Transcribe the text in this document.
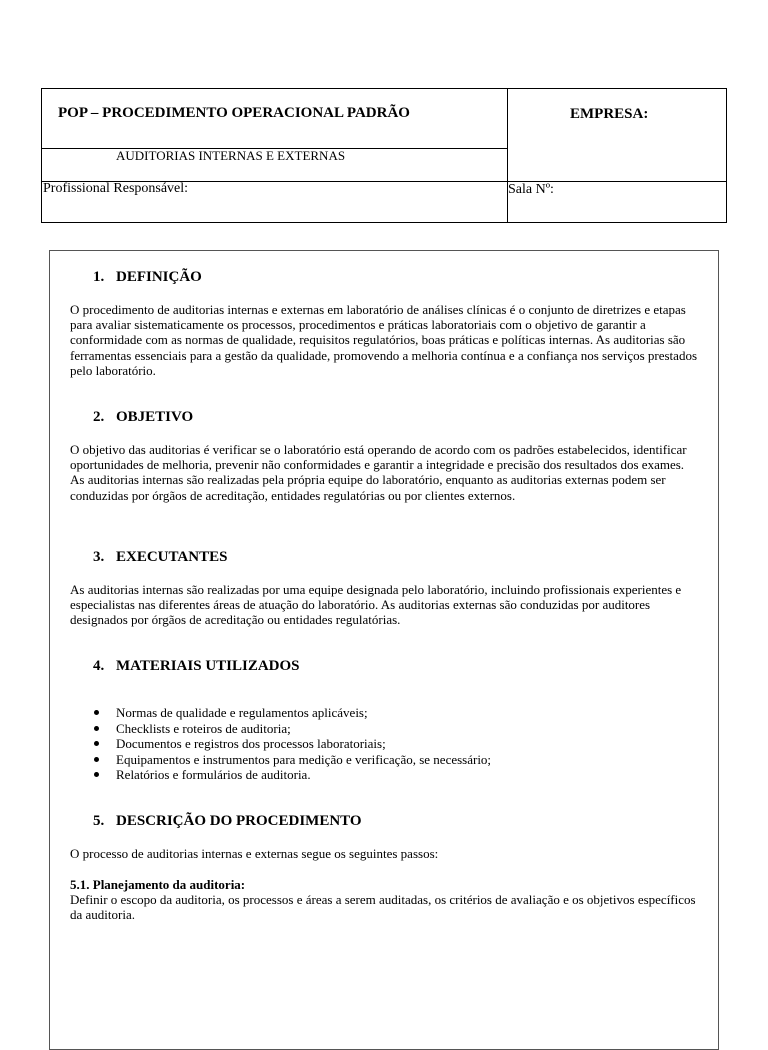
POP – PROCEDIMENTO OPERACIONAL PADRÃO	EMPRESA:
AUDITORIAS INTERNAS E EXTERNAS
Profissional Responsável:	Sala Nº:
1. DEFINIÇÃO
O procedimento de auditorias internas e externas em laboratório de análises clínicas é o conjunto de diretrizes e etapas para avaliar sistematicamente os processos, procedimentos e práticas laboratoriais com o objetivo de garantir a conformidade com as normas de qualidade, requisitos regulatórios, boas práticas e políticas internas. As auditorias são ferramentas essenciais para a gestão da qualidade, promovendo a melhoria contínua e a confiança nos serviços prestados pelo laboratório.
2. OBJETIVO
O objetivo das auditorias é verificar se o laboratório está operando de acordo com os padrões estabelecidos, identificar oportunidades de melhoria, prevenir não conformidades e garantir a integridade e precisão dos resultados dos exames. As auditorias internas são realizadas pela própria equipe do laboratório, enquanto as auditorias externas podem ser conduzidas por órgãos de acreditação, entidades regulatórias ou por clientes externos.
3. EXECUTANTES
As auditorias internas são realizadas por uma equipe designada pelo laboratório, incluindo profissionais experientes e especialistas nas diferentes áreas de atuação do laboratório. As auditorias externas são conduzidas por auditores designados por órgãos de acreditação ou entidades regulatórias.
4. MATERIAIS UTILIZADOS
Normas de qualidade e regulamentos aplicáveis;
Checklists e roteiros de auditoria;
Documentos e registros dos processos laboratoriais;
Equipamentos e instrumentos para medição e verificação, se necessário;
Relatórios e formulários de auditoria.
5. DESCRIÇÃO DO PROCEDIMENTO
O processo de auditorias internas e externas segue os seguintes passos:
5.1. Planejamento da auditoria:
Definir o escopo da auditoria, os processos e áreas a serem auditadas, os critérios de avaliação e os objetivos específicos da auditoria.
